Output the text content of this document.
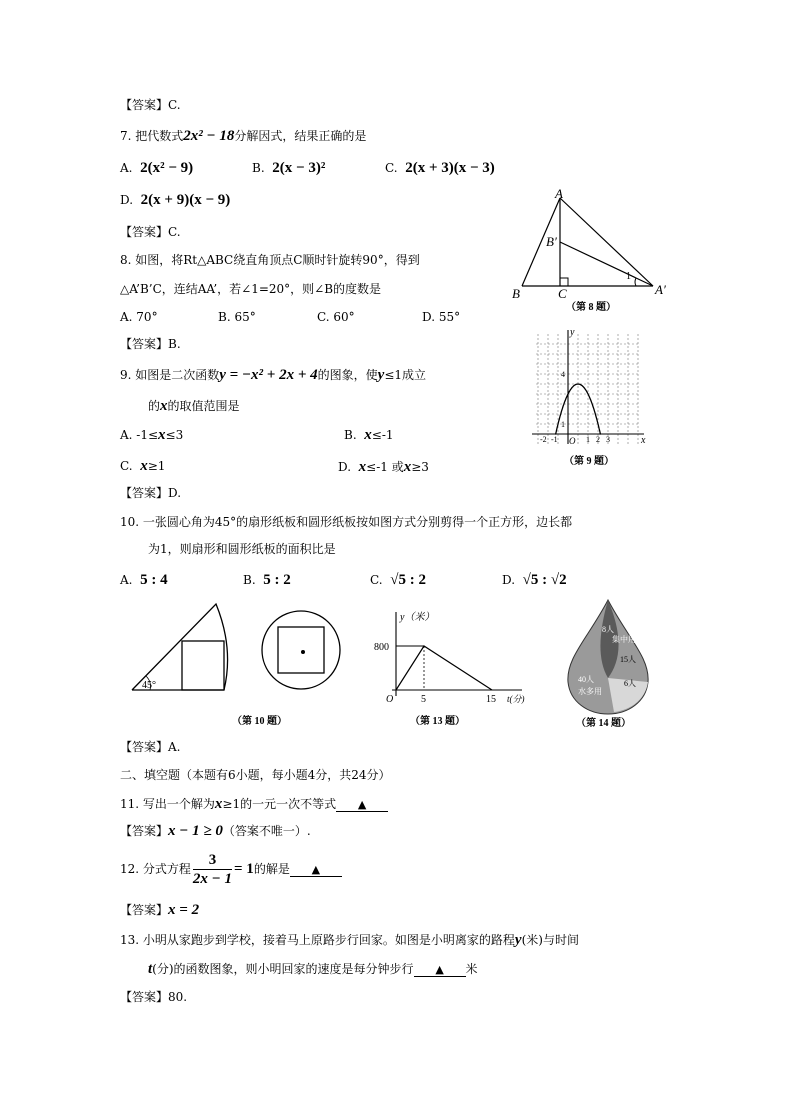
【答案】C.
7. 把代数式2x² − 18分解因式，结果正确的是
A. 2(x² − 9)	B. 2(x − 3)²	C. 2(x + 3)(x − 3)
D. 2(x + 9)(x − 9)
【答案】C.
8. 如图，将Rt△ABC绕直角顶点C顺时针旋转90°，得到
△A’B’C，连结AA’，若∠1=20°，则∠B的度数是
A. 70°	B. 65°	C. 60°	D. 55°
【答案】B.
9. 如图是二次函数y = −x² + 2x + 4的图象，使y≤1成立
的x的取值范围是
A. -1≤x≤3	B. x≤-1
C. x≥1	D. x≤-1 或x≥3
【答案】D.
10. 一张圆心角为45°的扇形纸板和圆形纸板按如图方式分别剪得一个正方形，边长都
为1，则扇形和圆形纸板的面积比是
A. 5 : 4	B. 5 : 2	C. √5 : 2	D. √5 : √2
【答案】A.
二、填空题（本题有6小题，每小题4分，共24分）
11. 写出一个解为x≥1的一元一次不等式 ▲
【答案】x − 1 ≥ 0（答案不唯一）.
12. 分式方程 $\frac{3}{2x - 1} = 1$的解是 ▲
【答案】x = 2
13. 小明从家跑步到学校，接着马上原路步行回家。如图是小明离家的路程y(米)与时间
t(分)的函数图象，则小明回家的速度是每分钟步行 ▲ 米
【答案】80.
A
B	C
B′
A′
1
（第 8 题）
y
x
O
4
1
-2 -1	1 2 3
（第 9 题）
45°
（第 10 题）
y（米）
800
O	5	15 t(分)
（第 13 题）
集中用水
15人
40人
水多用
6人
8人
（第 14 题）
